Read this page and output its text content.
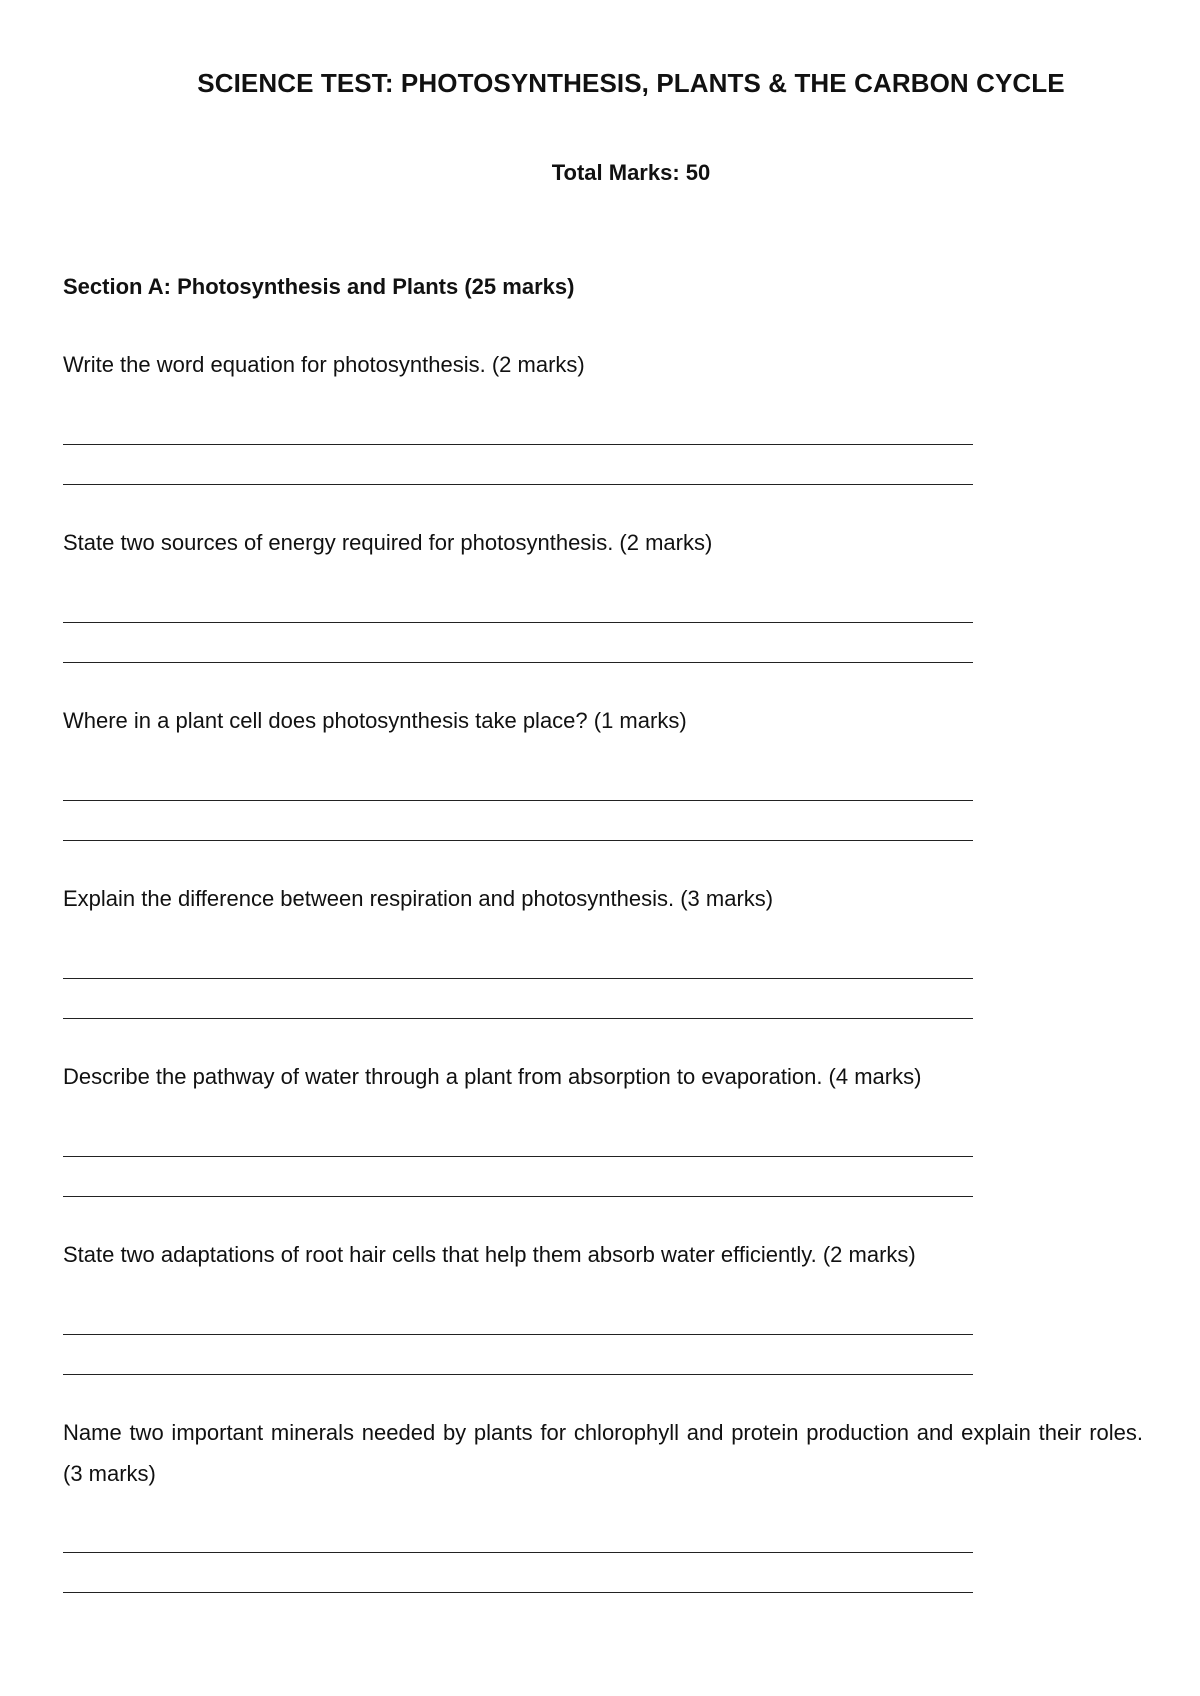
SCIENCE TEST: PHOTOSYNTHESIS, PLANTS & THE CARBON CYCLE
Total Marks: 50
Section A: Photosynthesis and Plants (25 marks)

Write the word equation for photosynthesis. (2 marks)

State two sources of energy required for photosynthesis. (2 marks)

Where in a plant cell does photosynthesis take place? (1 marks)

Explain the difference between respiration and photosynthesis. (3 marks)

Describe the pathway of water through a plant from absorption to evaporation. (4 marks)

State two adaptations of root hair cells that help them absorb water efficiently. (2 marks)

Name two important minerals needed by plants for chlorophyll and protein production and explain their roles. (3 marks)
